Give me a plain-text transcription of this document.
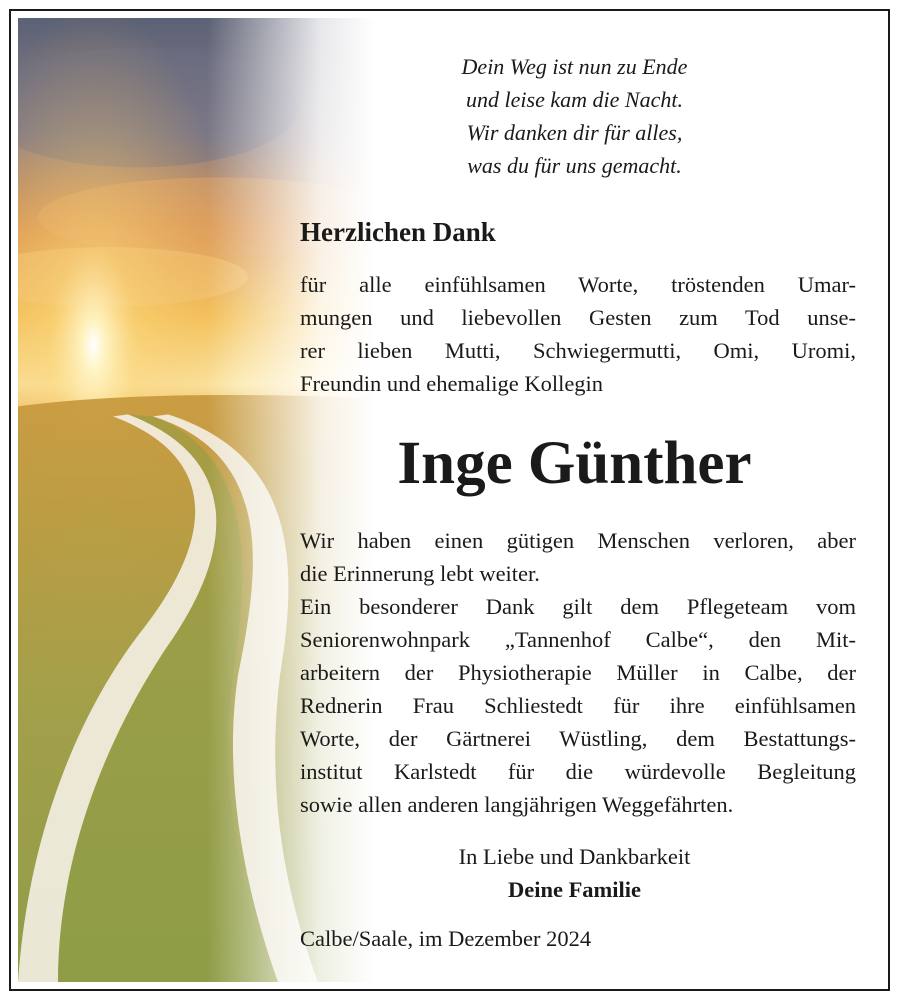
Dein Weg ist nun zu Ende
und leise kam die Nacht.
Wir danken dir für alles,
was du für uns gemacht.
Herzlichen Dank
für alle einfühlsamen Worte, tröstenden Umar-
mungen und liebevollen Gesten zum Tod unse-
rer lieben Mutti, Schwiegermutti, Omi, Uromi,
Freundin und ehemalige Kollegin
Inge Günther
Wir haben einen gütigen Menschen verloren, aber
die Erinnerung lebt weiter.
Ein besonderer Dank gilt dem Pflegeteam vom
Seniorenwohnpark „Tannenhof Calbe“, den Mit-
arbeitern der Physiotherapie Müller in Calbe, der
Rednerin Frau Schliestedt für ihre einfühlsamen
Worte, der Gärtnerei Wüstling, dem Bestattungs-
institut Karlstedt für die würdevolle Begleitung
sowie allen anderen langjährigen Weggefährten.
In Liebe und Dankbarkeit
Deine Familie
Calbe/Saale, im Dezember 2024
